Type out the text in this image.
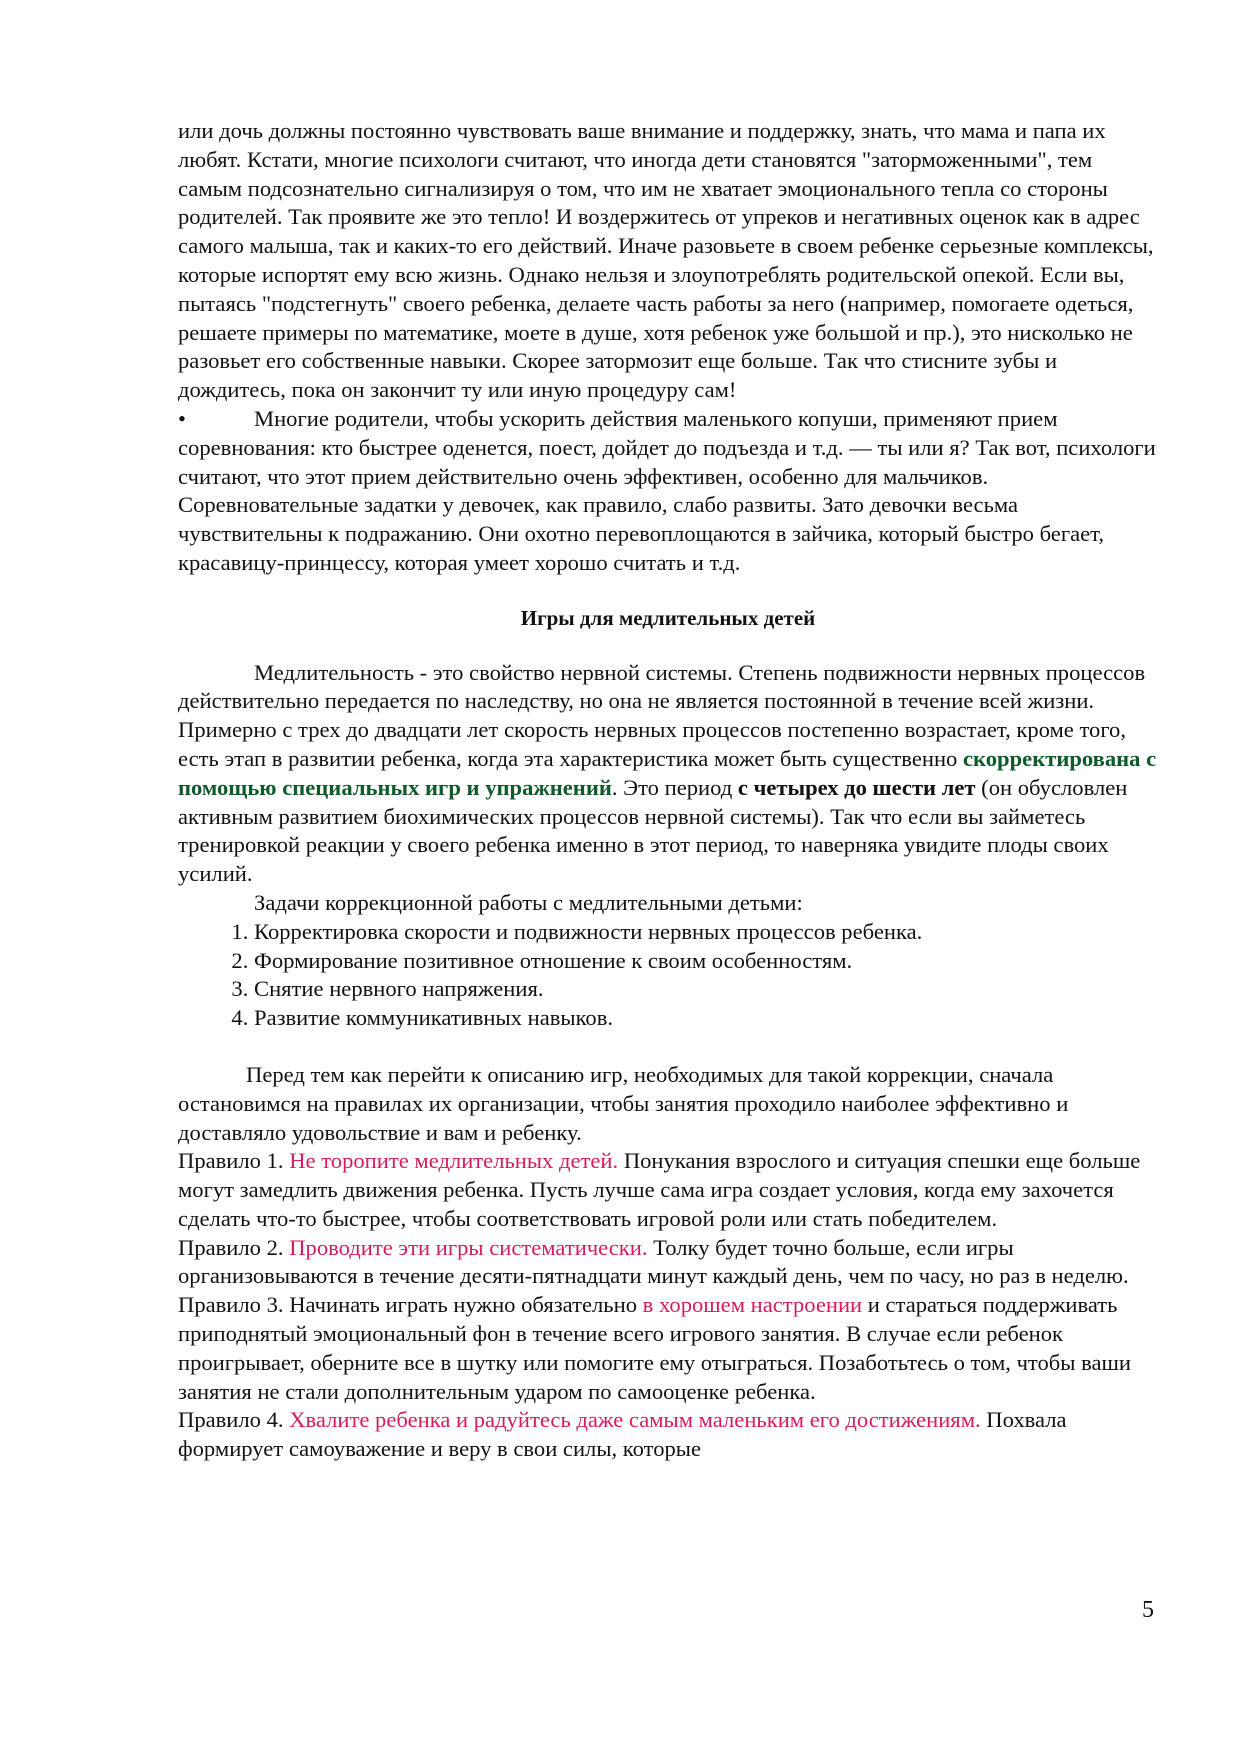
или дочь должны постоянно чувствовать ваше внимание и поддержку, знать, что мама и папа их любят. Кстати, многие психологи считают, что иногда дети становятся "заторможенными", тем самым подсознательно сигнализируя о том, что им не хватает эмоционального тепла со стороны родителей. Так проявите же это тепло! И воздержитесь от упреков и негативных оценок как в адрес самого малыша, так и каких-то его действий. Иначе разовьете в своем ребенке серьезные комплексы, которые испортят ему всю жизнь. Однако нельзя и злоупотреблять родительской опекой. Если вы, пытаясь "подстегнуть" своего ребенка, делаете часть работы за него (например, помогаете одеться, решаете примеры по математике, моете в душе, хотя ребенок уже большой и пр.), это нисколько не разовьет его собственные навыки. Скорее затормозит еще больше. Так что стисните зубы и дождитесь, пока он закончит ту или иную процедуру сам!

•	Многие родители, чтобы ускорить действия маленького копуши, применяют прием соревнования: кто быстрее оденется, поест, дойдет до подъезда и т.д. — ты или я? Так вот, психологи считают, что этот прием действительно очень эффективен, особенно для мальчиков. Соревновательные задатки у девочек, как правило, слабо развиты. Зато девочки весьма чувствительны к подражанию. Они охотно перевоплощаются в зайчика, который быстро бегает, красавицу-принцессу, которая умеет хорошо считать и т.д.

Игры для медлительных детей

Медлительность - это свойство нервной системы. Степень подвижности нервных процессов действительно передается по наследству, но она не является постоянной в течение всей жизни. Примерно с трех до двадцати лет скорость нервных процессов постепенно возрастает, кроме того, есть этап в развитии ребенка, когда эта характеристика может быть существенно скорректирована с помощью специальных игр и упражнений. Это период с четырех до шести лет (он обусловлен активным развитием биохимических процессов нервной системы). Так что если вы займетесь тренировкой реакции у своего ребенка именно в этот период, то наверняка увидите плоды своих усилий.

Задачи коррекционной работы с медлительными детьми:

1. Корректировка скорости и подвижности нервных процессов ребенка.
2. Формирование позитивное отношение к своим особенностям.
3. Снятие нервного напряжения.
4. Развитие коммуникативных навыков.

Перед тем как перейти к описанию игр, необходимых для такой коррекции, сначала остановимся на правилах их организации, чтобы занятия проходило наиболее эффективно и доставляло удовольствие и вам и ребенку.

Правило 1. Не торопите медлительных детей. Понукания взрослого и ситуация спешки еще больше могут замедлить движения ребенка. Пусть лучше сама игра создает условия, когда ему захочется сделать что-то быстрее, чтобы соответствовать игровой роли или стать победителем.

Правило 2. Проводите эти игры систематически. Толку будет точно больше, если игры организовываются в течение десяти-пятнадцати минут каждый день, чем по часу, но раз в неделю.

Правило 3. Начинать играть нужно обязательно в хорошем настроении и стараться поддерживать приподнятый эмоциональный фон в течение всего игрового занятия. В случае если ребенок проигрывает, оберните все в шутку или помогите ему отыграться. Позаботьтесь о том, чтобы ваши занятия не стали дополнительным ударом по самооценке ребенка.

Правило 4. Хвалите ребенка и радуйтесь даже самым маленьким его достижениям. Похвала формирует самоуважение и веру в свои силы, которые

5
